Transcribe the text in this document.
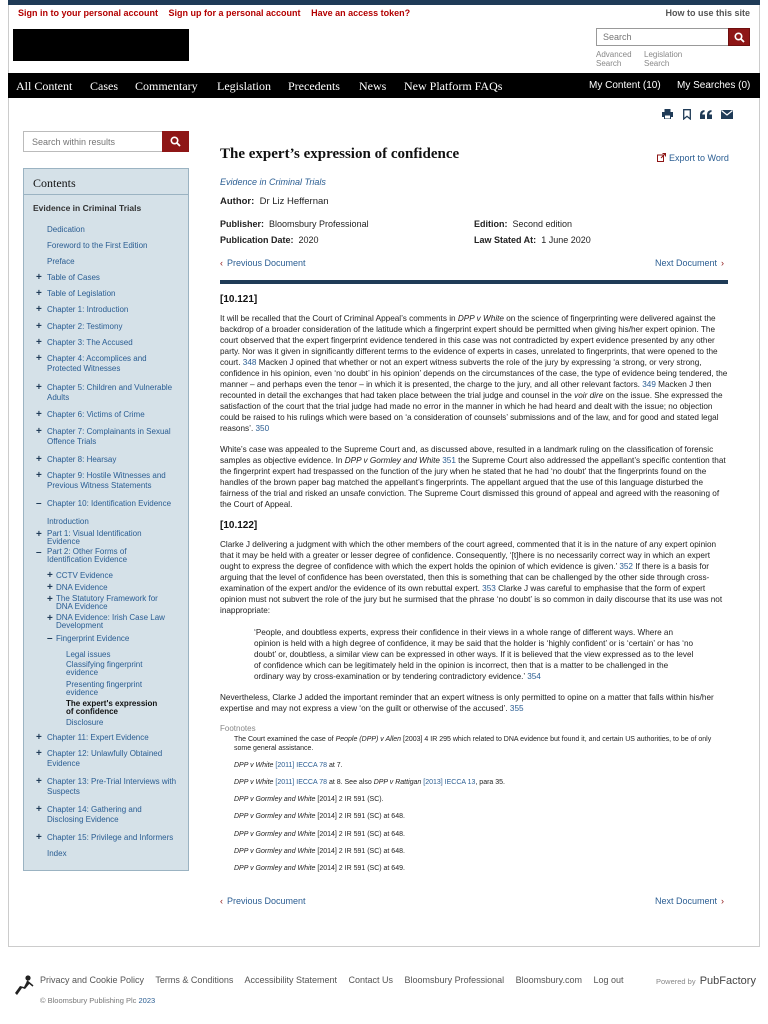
Sign in to your personal account Sign up for a personal account Have an access token?	How to use this site
Search
Advanced
Search
Legislation
Search
All Content Cases Commentary Legislation Precedents News New Platform FAQs	My Content (10) My Searches (0)
Search within results
Contents
Evidence in Criminal Trials
Dedication
Foreword to the First Edition
Preface
+ Table of Cases
+ Table of Legislation
+ Chapter 1: Introduction
+ Chapter 2: Testimony
+ Chapter 3: The Accused
+ Chapter 4: Accomplices and
Protected Witnesses
+ Chapter 5: Children and Vulnerable
Adults
+ Chapter 6: Victims of Crime
+ Chapter 7: Complainants in Sexual
Offence Trials
+ Chapter 8: Hearsay
+ Chapter 9: Hostile Witnesses and
Previous Witness Statements
– Chapter 10: Identification Evidence
Introduction
+ Part 1: Visual Identification
Evidence
– Part 2: Other Forms of
Identification Evidence
+ CCTV Evidence
+ DNA Evidence
+ The Statutory Framework for
DNA Evidence
+ DNA Evidence: Irish Case Law
Development
– Fingerprint Evidence
Legal issues
Classifying fingerprint
evidence
Presenting fingerprint
evidence
The expert's expression
of confidence
Disclosure
+ Chapter 11: Expert Evidence
+ Chapter 12: Unlawfully Obtained
Evidence
+ Chapter 13: Pre-Trial Interviews with
Suspects
+ Chapter 14: Gathering and
Disclosing Evidence
+ Chapter 15: Privilege and Informers
Index
The expert’s expression of confidence	Export to Word
Evidence in Criminal Trials
Author: Dr Liz Heffernan
Publisher: Bloomsbury Professional	Edition: Second edition
Publication Date: 2020	Law Stated At: 1 June 2020
‹ Previous Document	Next Document ›
[10.121]
It will be recalled that the Court of Criminal Appeal’s comments in DPP v White on the science of fingerprinting were delivered against the backdrop of a broader consideration of the latitude which a fingerprint expert should be permitted when giving his/her expert opinion. The court observed that the expert fingerprint evidence tendered in this case was not contradicted by expert evidence presented by any other party. Nor was it given in significantly different terms to the evidence of experts in cases, unrelated to fingerprints, that were opened to the court. 348 Macken J opined that whether or not an expert witness subverts the role of the jury by expressing ‘a strong, or very strong, confidence in his opinion, even ‘no doubt’ in his opinion’ depends on the circumstances of the case, the type of evidence being tendered, the manner – and perhaps even the tenor – in which it is presented, the charge to the jury, and all other relevant factors. 349 Macken J then recounted in detail the exchanges that had taken place between the trial judge and counsel in the voir dire on the issue. She expressed the satisfaction of the court that the trial judge had made no error in the manner in which he had heard and dealt with the issue; no objection could be raised to his rulings which were based on ‘a consideration of counsels’ submissions and of the law, and for good and stated legal reasons’. 350
White’s case was appealed to the Supreme Court and, as discussed above, resulted in a landmark ruling on the classification of forensic samples as objective evidence. In DPP v Gormley and White 351 the Supreme Court also addressed the appellant’s specific contention that the fingerprint expert had trespassed on the function of the jury when he stated that he had ‘no doubt’ that the fingerprints found on the handles of the brown paper bag matched the appellant’s fingerprints. The appellant argued that the use of this language disturbed the fairness of the trial and risked an unsafe conviction. The Supreme Court dismissed this ground of appeal and agreed with the reasoning of the Court of Appeal.
[10.122]
Clarke J delivering a judgment with which the other members of the court agreed, commented that it is in the nature of any expert opinion that it may be held with a greater or lesser degree of confidence. Consequently, ‘[t]here is no necessarily correct way in which an expert ought to express the degree of confidence with which the expert holds the opinion of which evidence is given.’ 352 If there is a basis for arguing that the level of confidence has been overstated, then this is something that can be challenged by the other side through cross-examination of the expert and/or the evidence of its own rebuttal expert. 353 Clarke J was careful to emphasise that the form of expert opinion must not subvert the role of the jury but he surmised that the phrase ‘no doubt’ is so common in daily discourse that its use was not inappropriate:
‘People, and doubtless experts, express their confidence in their views in a whole range of different ways. Where an opinion is held with a high degree of confidence, it may be said that the holder is ‘highly confident’ or is ‘certain’ or has ‘no doubt’ or, doubtless, a similar view can be expressed in other ways. If it is believed that the view expressed as to the level of confidence which can be legitimately held in the opinion is incorrect, then that is a matter to be challenged in the ordinary way by cross-examination or by tendering contradictory evidence.’ 354
Nevertheless, Clarke J added the important reminder that an expert witness is only permitted to opine on a matter that falls within his/her expertise and may not express a view ‘on the guilt or otherwise of the accused’. 355
Footnotes
The Court examined the case of People (DPP) v Allen [2003] 4 IR 295 which related to DNA evidence but found it, and certain US authorities, to be of only some general assistance.
DPP v White [2011] IECCA 78 at 7.
DPP v White [2011] IECCA 78 at 8. See also DPP v Rattigan [2013] IECCA 13, para 35.
DPP v Gormley and White [2014] 2 IR 591 (SC).
DPP v Gormley and White [2014] 2 IR 591 (SC) at 648.
DPP v Gormley and White [2014] 2 IR 591 (SC) at 648.
DPP v Gormley and White [2014] 2 IR 591 (SC) at 648.
DPP v Gormley and White [2014] 2 IR 591 (SC) at 649.
‹ Previous Document	Next Document ›
Privacy and Cookie Policy Terms & Conditions Accessibility Statement Contact Us Bloomsbury Professional Bloomsbury.com Log out
© Bloomsbury Publishing Plc 2023
Powered by PubFactory
